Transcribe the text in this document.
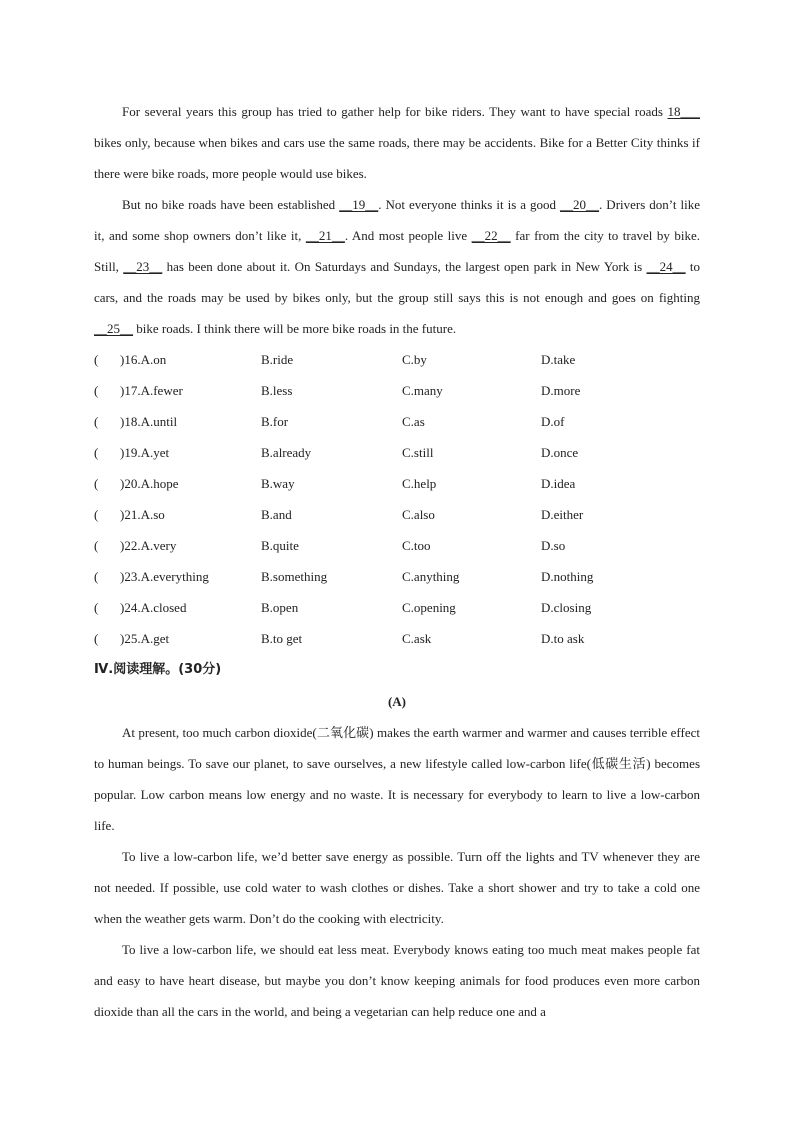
For several years this group has tried to gather help for bike riders. They want to have special roads 18___ bikes only, because when bikes and cars use the same roads, there may be accidents. Bike for a Better City thinks if there were bike roads, more people would use bikes.

But no bike roads have been established __19__. Not everyone thinks it is a good __20__. Drivers don’t like it, and some shop owners don’t like it, __21__. And most people live __22__ far from the city to travel by bike. Still, __23__ has been done about it. On Saturdays and Sundays, the largest open park in New York is __24__ to cars, and the roads may be used by bikes only, but the group still says this is not enough and goes on fighting __25__ bike roads. I think there will be more bike roads in the future.

( )16.A.on	B.ride	C.by	D.take
( )17.A.fewer	B.less	C.many	D.more
( )18.A.until	B.for	C.as	D.of
( )19.A.yet	B.already	C.still	D.once
( )20.A.hope	B.way	C.help	D.idea
( )21.A.so	B.and	C.also	D.either
( )22.A.very	B.quite	C.too	D.so
( )23.A.everything	B.something	C.anything	D.nothing
( )24.A.closed	B.open	C.opening	D.closing
( )25.A.get	B.to get	C.ask	D.to ask

Ⅳ.阅读理解。(30分)

(A)

At present, too much carbon dioxide(二氧化碳) makes the earth warmer and warmer and causes terrible effect to human beings. To save our planet, to save ourselves, a new lifestyle called low-carbon life(低碳生活) becomes popular. Low carbon means low energy and no waste. It is necessary for everybody to learn to live a low-carbon life.

To live a low-carbon life, we’d better save energy as possible. Turn off the lights and TV whenever they are not needed. If possible, use cold water to wash clothes or dishes. Take a short shower and try to take a cold one when the weather gets warm. Don’t do the cooking with electricity.

To live a low-carbon life, we should eat less meat. Everybody knows eating too much meat makes people fat and easy to have heart disease, but maybe you don’t know keeping animals for food produces even more carbon dioxide than all the cars in the world, and being a vegetarian can help reduce one and a
